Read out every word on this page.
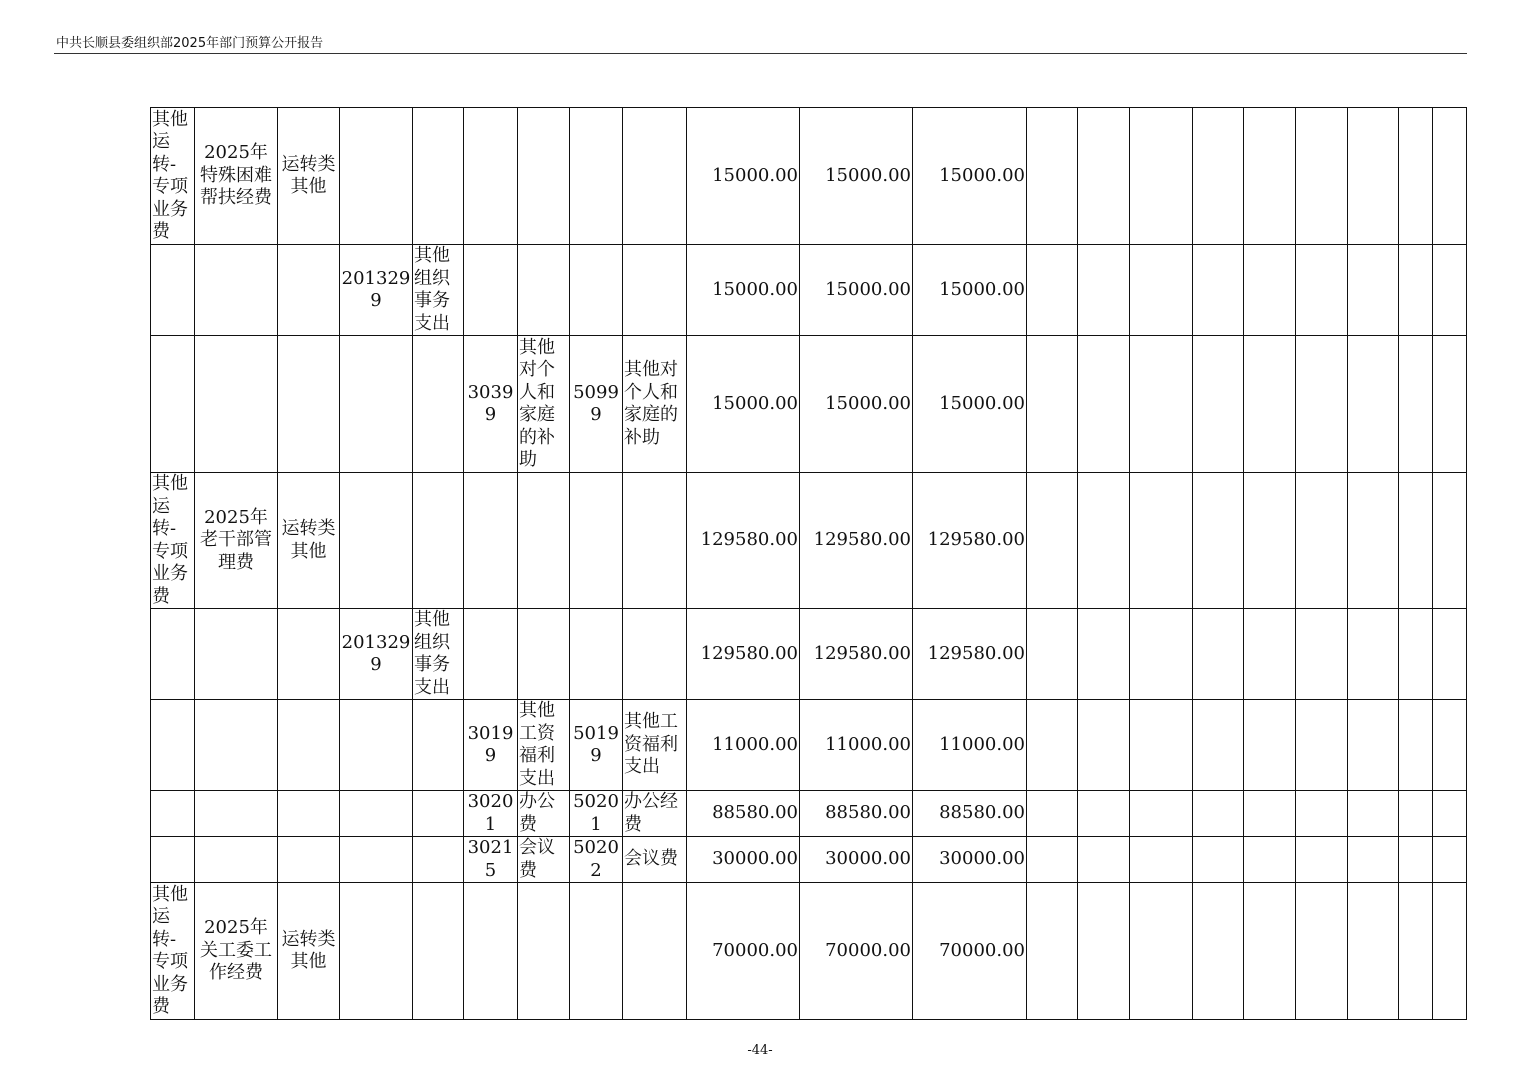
中共长顺县委组织部2025年部门预算公开报告
其他运转-专项业务费	2025年特殊困难帮扶经费	运转类其他							15000.00	15000.00	15000.00									
			2013299	其他组织事务支出					15000.00	15000.00	15000.00									
					30399	其他对个人和家庭的补助	50999	其他对个人和家庭的补助	15000.00	15000.00	15000.00									
其他运转-专项业务费	2025年老干部管理费	运转类其他							129580.00	129580.00	129580.00									
			2013299	其他组织事务支出					129580.00	129580.00	129580.00									
					30199	其他工资福利支出	50199	其他工资福利支出	11000.00	11000.00	11000.00									
					30201	办公费	50201	办公经费	88580.00	88580.00	88580.00									
					30215	会议费	50202	会议费	30000.00	30000.00	30000.00									
其他运转-专项业务费	2025年关工委工作经费	运转类其他							70000.00	70000.00	70000.00									
-44-
